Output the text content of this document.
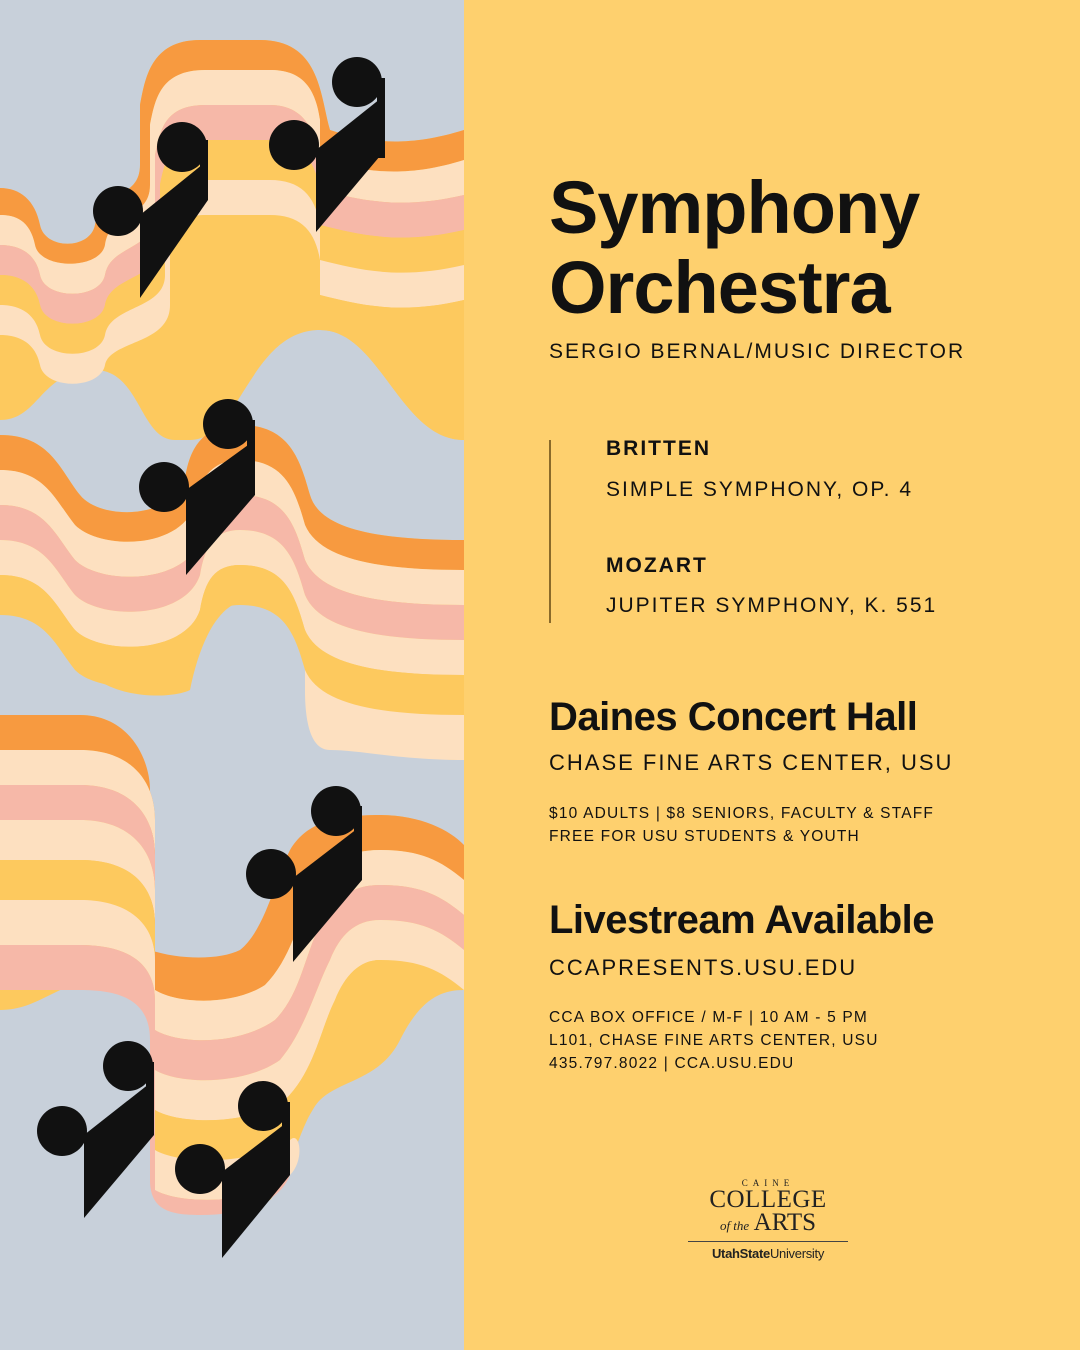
Symphony
Orchestra
SERGIO BERNAL/MUSIC DIRECTOR
BRITTEN
SIMPLE SYMPHONY, OP. 4
MOZART
JUPITER SYMPHONY, K. 551
Daines Concert Hall
CHASE FINE ARTS CENTER, USU
$10 ADULTS | $8 SENIORS, FACULTY & STAFF
FREE FOR USU STUDENTS & YOUTH
Livestream Available
CCAPRESENTS.USU.EDU
CCA BOX OFFICE / M-F | 10 AM - 5 PM
L101, CHASE FINE ARTS CENTER, USU
435.797.8022 | CCA.USU.EDU
CAINE
COLLEGE
of the ARTS
UtahStateUniversity
